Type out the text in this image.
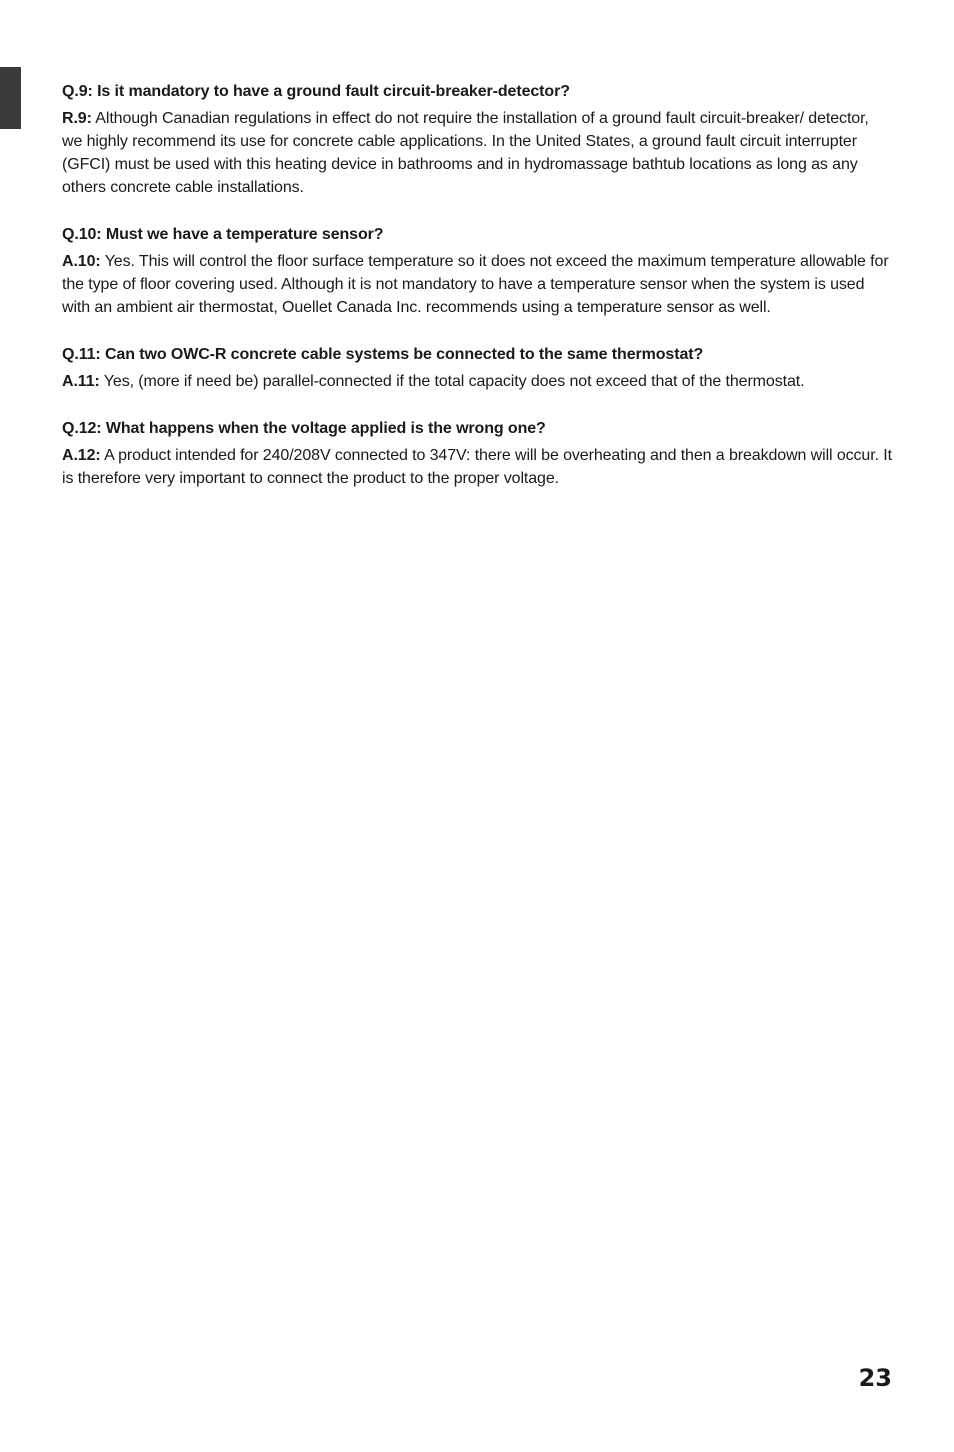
Q.9: Is it mandatory to have a ground fault circuit-breaker-detector?

R.9: Although Canadian regulations in effect do not require the installation of a ground fault circuit-breaker/ detector, we highly recommend its use for concrete cable applications. In the United States, a ground fault circuit interrupter (GFCI) must be used with this heating device in bathrooms and in hydromassage bathtub locations as long as any others concrete cable installations.

Q.10: Must we have a temperature sensor?

A.10: Yes. This will control the floor surface temperature so it does not exceed the maximum temperature allowable for the type of floor covering used. Although it is not mandatory to have a temperature sensor when the system is used with an ambient air thermostat, Ouellet Canada Inc. recommends using a temperature sensor as well.

Q.11: Can two OWC-R concrete cable systems be connected to the same thermostat?

A.11: Yes, (more if need be) parallel-connected if the total capacity does not exceed that of the thermostat.

Q.12: What happens when the voltage applied is the wrong one?

A.12: A product intended for 240/208V connected to 347V: there will be overheating and then a breakdown will occur. It is therefore very important to connect the product to the proper voltage.

23
